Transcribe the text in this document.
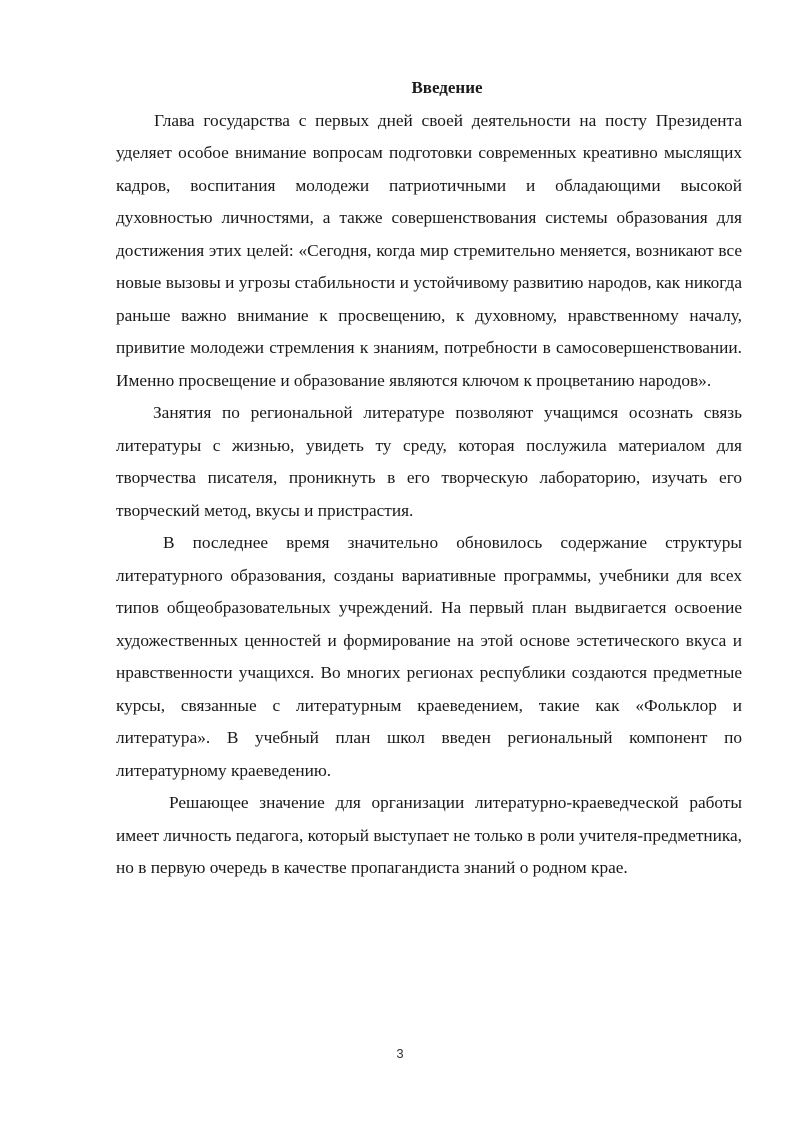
Введение

Глава государства с первых дней своей деятельности на посту Президента уделяет особое внимание вопросам подготовки современных креативно мыслящих кадров, воспитания молодежи патриотичными и обладающими высокой духовностью личностями, а также совершенствования системы образования для достижения этих целей: «Сегодня, когда мир стремительно меняется, возникают все новые вызовы и угрозы стабильности и устойчивому развитию народов, как никогда раньше важно внимание к просвещению, к духовному, нравственному началу, привитие молодежи стремления к знаниям, потребности в самосовершенствовании. Именно просвещение и образование являются ключом к процветанию народов».

Занятия по региональной литературе позволяют учащимся осознать связь литературы с жизнью, увидеть ту среду, которая послужила материалом для творчества писателя, проникнуть в его творческую лабораторию, изучать его творческий метод, вкусы и пристрастия.

В последнее время значительно обновилось содержание структуры литературного образования, созданы вариативные программы, учебники для всех типов общеобразовательных учреждений. На первый план выдвигается освоение художественных ценностей и формирование на этой основе эстетического вкуса и нравственности учащихся. Во многих регионах республики создаются предметные курсы, связанные с литературным краеведением, такие как «Фольклор и литература». В учебный план школ введен региональный компонент по литературному краеведению.

Решающее значение для организации литературно-краеведческой работы имеет личность педагога, который выступает не только в роли учителя-предметника, но в первую очередь в качестве пропагандиста знаний о родном крае.

3
